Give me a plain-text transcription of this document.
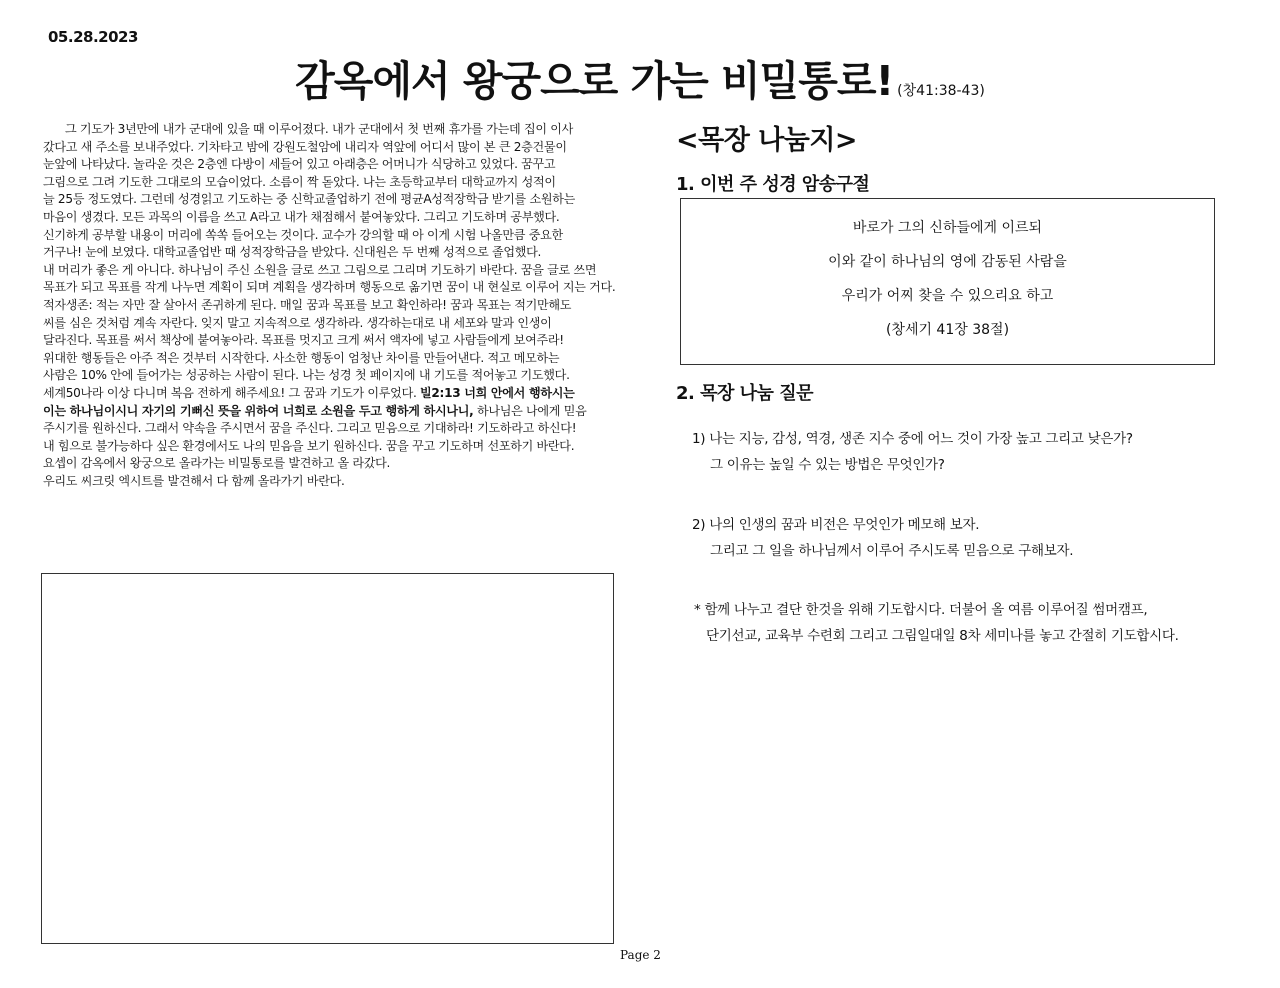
05.28.2023
감옥에서 왕궁으로 가는 비밀통로! (창41:38-43)

그 기도가 3년만에 내가 군대에 있을 때 이루어졌다. 내가 군대에서 첫 번째 휴가를 가는데 집이 이사

갔다고 새 주소를 보내주었다. 기차타고 밤에 강원도철암에 내리자 역앞에 어디서 많이 본 큰 2층건물이

눈앞에 나타났다. 놀라운 것은 2층엔 다방이 세들어 있고 아래층은 어머니가 식당하고 있었다. 꿈꾸고

그림으로 그려 기도한 그대로의 모습이었다. 소름이 짝 돋았다. 나는 초등학교부터 대학교까지 성적이

늘 25등 정도였다. 그런데 성경읽고 기도하는 중 신학교졸업하기 전에 평균A성적장학금 받기를 소원하는

마음이 생겼다. 모든 과목의 이름을 쓰고 A라고 내가 채점해서 붙여놓았다. 그리고 기도하며 공부했다.

신기하게 공부할 내용이 머리에 쏙쏙 들어오는 것이다. 교수가 강의할 때 아 이게 시험 나올만큼 중요한

거구나! 눈에 보였다. 대학교졸업반 때 성적장학금을 받았다. 신대원은 두 번째 성적으로 졸업했다.

내 머리가 좋은 게 아니다. 하나님이 주신 소원을 글로 쓰고 그림으로 그리며 기도하기 바란다. 꿈을 글로 쓰면

목표가 되고 목표를 작게 나누면 계획이 되며 계획을 생각하며 행동으로 옮기면 꿈이 내 현실로 이루어 지는 거다.

적자생존: 적는 자만 잘 살아서 존귀하게 된다. 매일 꿈과 목표를 보고 확인하라! 꿈과 목표는 적기만해도

씨를 심은 것처럼 계속 자란다. 잊지 말고 지속적으로 생각하라. 생각하는대로 내 세포와 말과 인생이

달라진다. 목표를 써서 책상에 붙여놓아라. 목표를 멋지고 크게 써서 액자에 넣고 사람들에게 보여주라!

위대한 행동들은 아주 적은 것부터 시작한다. 사소한 행동이 엄청난 차이를 만들어낸다. 적고 메모하는

사람은 10% 안에 들어가는 성공하는 사람이 된다. 나는 성경 첫 페이지에 내 기도를 적어놓고 기도했다.

세계50나라 이상 다니며 복음 전하게 해주세요! 그 꿈과 기도가 이루었다. 빌2:13 너희 안에서 행하시는

이는 하나님이시니 자기의 기뻐신 뜻을 위하여 너희로 소원을 두고 행하게 하시나니, 하나님은 나에게 믿음

주시기를 원하신다. 그래서 약속을 주시면서 꿈을 주신다. 그리고 믿음으로 기대하라! 기도하라고 하신다!

내 힘으로 불가능하다 싶은 환경에서도 나의 믿음을 보기 원하신다. 꿈을 꾸고 기도하며 선포하기 바란다.

요셉이 감옥에서 왕궁으로 올라가는 비밀통로를 발견하고 올 라갔다.

우리도 씨크릿 엑시트를 발견해서 다 함께 올라가기 바란다.

<목장 나눔지>
1. 이번 주 성경 암송구절
바로가 그의 신하들에게 이르되
이와 같이 하나님의 영에 감동된 사람을
우리가 어찌 찾을 수 있으리요 하고
(창세기 41장 38절)
2. 목장 나눔 질문
1) 나는 지능, 감성, 역경, 생존 지수 중에 어느 것이 가장 높고 그리고 낮은가?
그 이유는 높일 수 있는 방법은 무엇인가?
2) 나의 인생의 꿈과 비전은 무엇인가 메모해 보자.
그리고 그 일을 하나님께서 이루어 주시도록 믿음으로 구해보자.
* 함께 나누고 결단 한것을 위해 기도합시다. 더불어 올 여름 이루어질 썸머캠프,
단기선교, 교육부 수련회 그리고 그림일대일 8차 세미나를 놓고 간절히 기도합시다.
Page 2
